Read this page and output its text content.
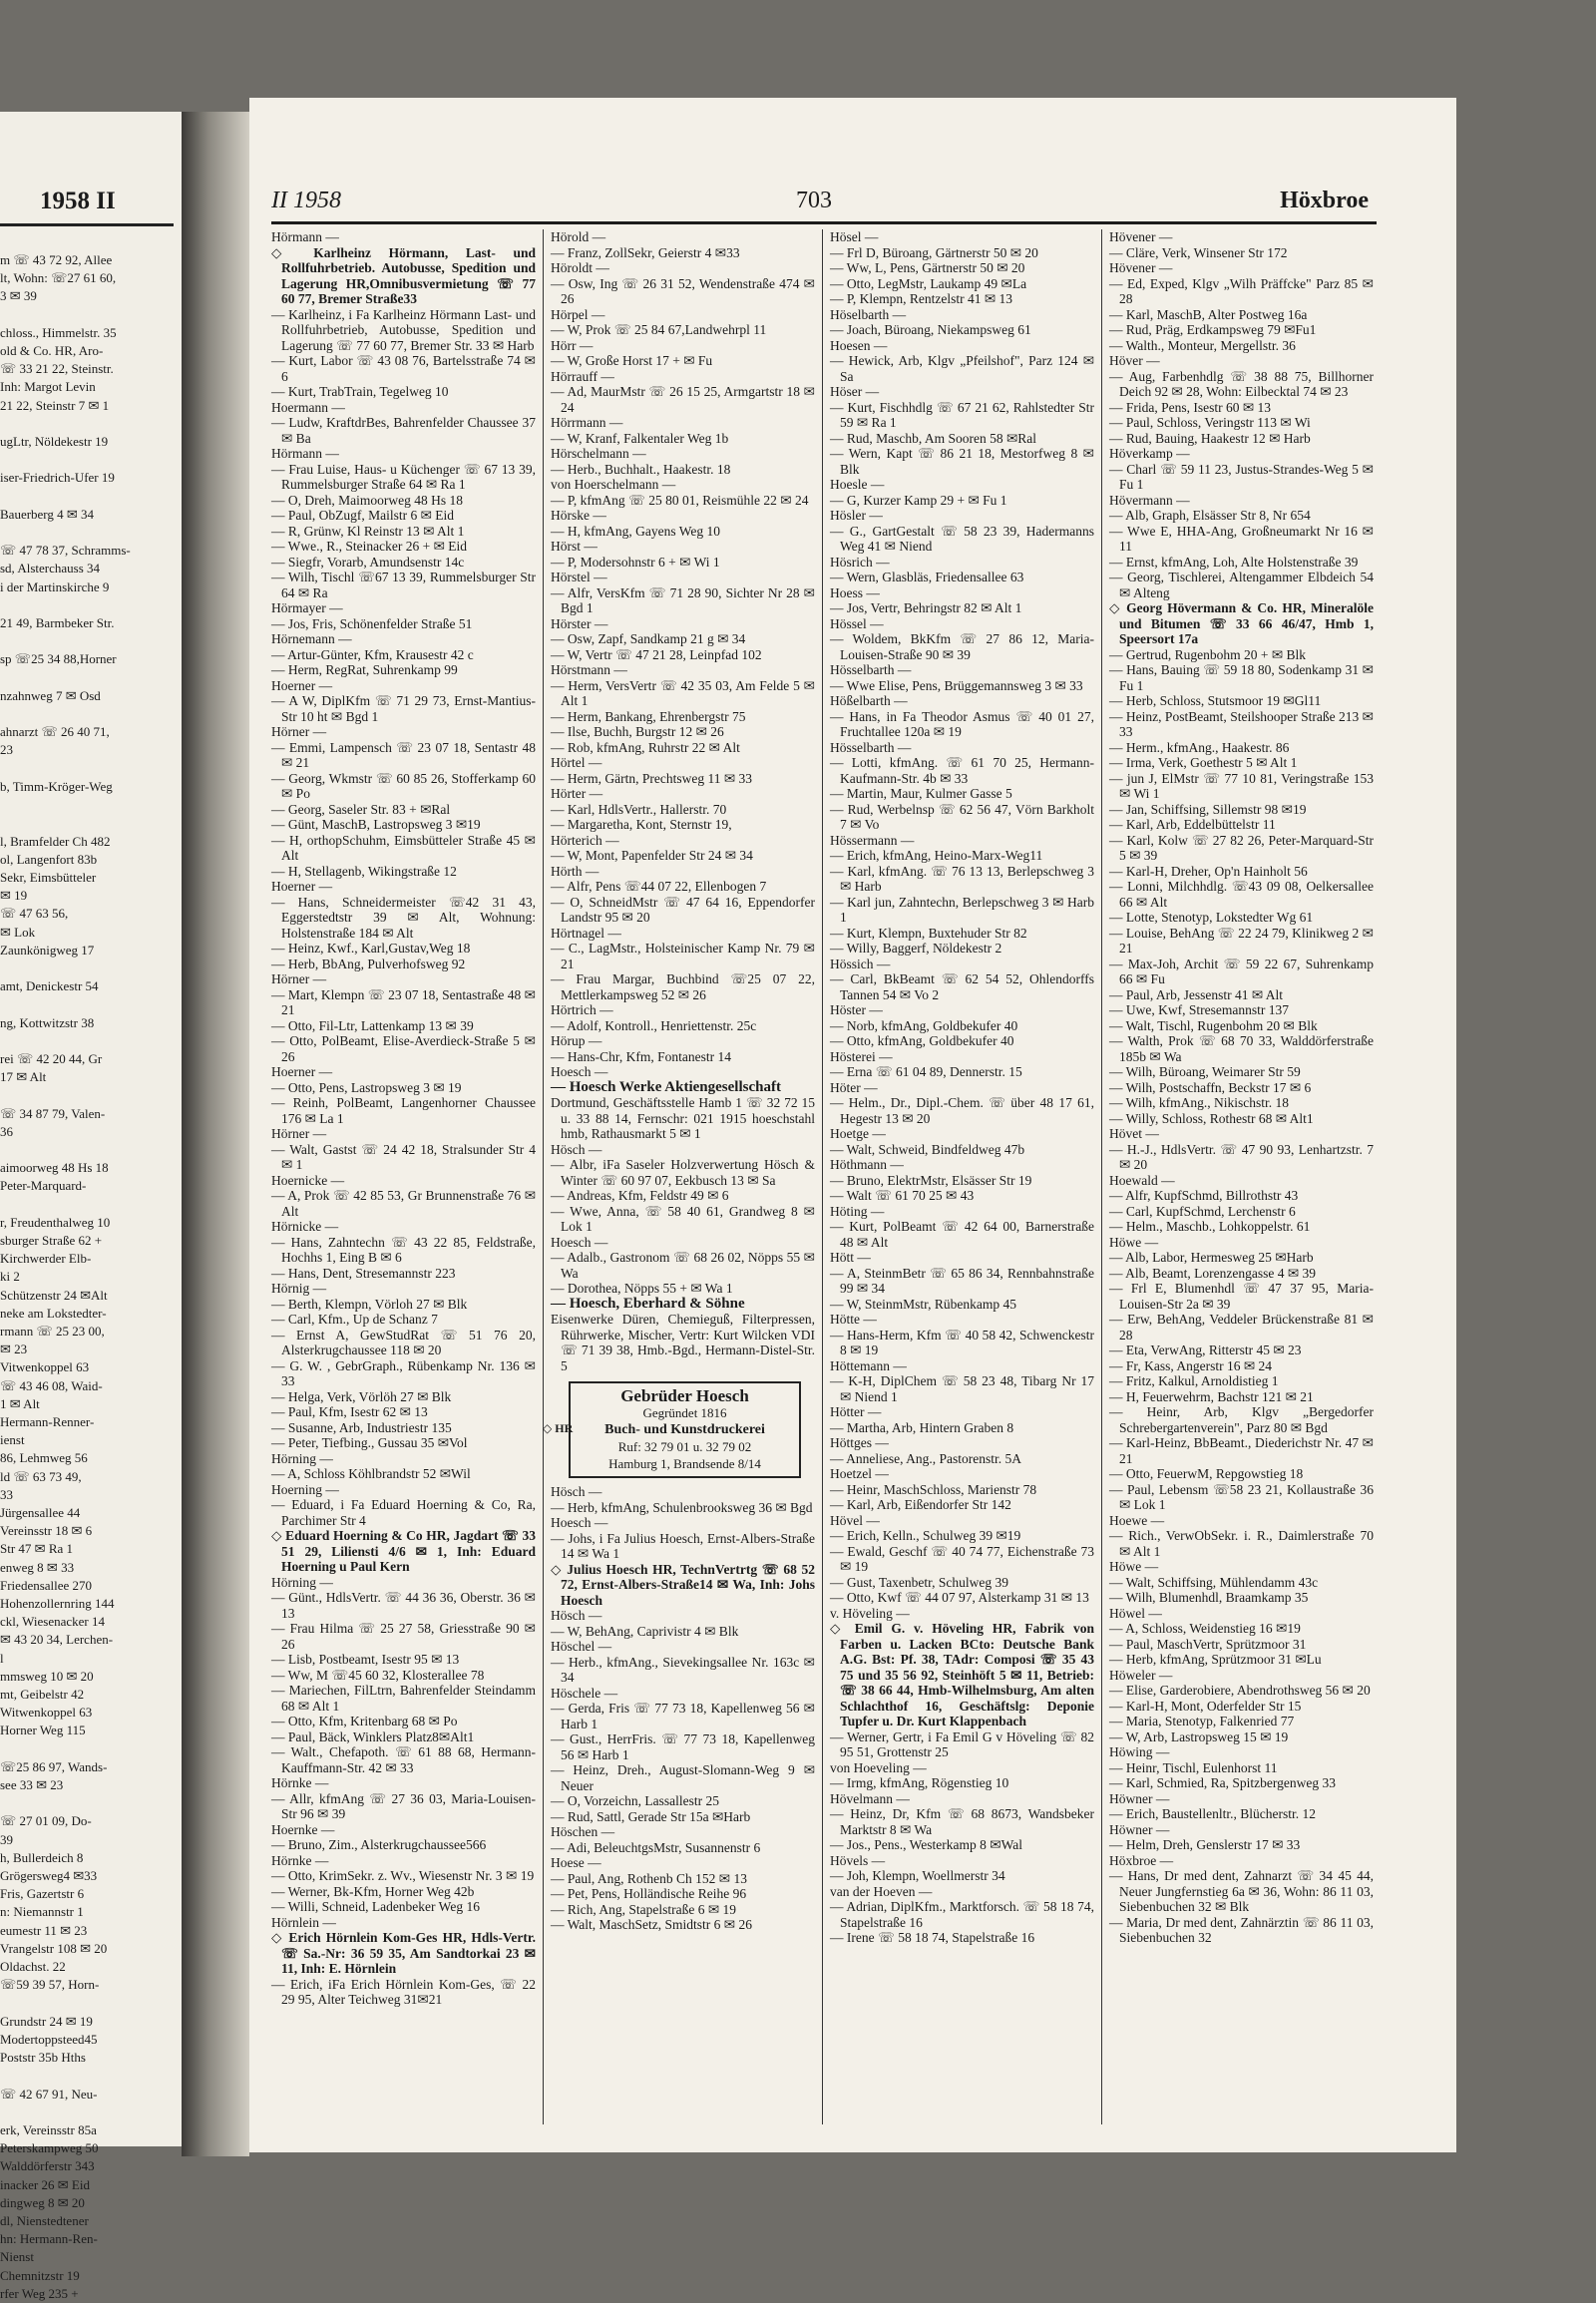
1958 II
m ☏ 43 72 92, Allee
lt, Wohn: ☏27 61 60,
3 ✉ 39

chloss., Himmelstr. 35
old & Co. HR, Aro-
☏ 33 21 22, Steinstr.
Inh: Margot Levin
21 22, Steinstr 7 ✉ 1

ugLtr, Nöldekestr 19

iser-Friedrich-Ufer 19

Bauerberg 4 ✉ 34

☏ 47 78 37, Schramms-
sd, Alsterchauss 34
i der Martinskirche 9

21 49, Barmbeker Str.

sp ☏25 34 88,Horner

nzahnweg 7 ✉ Osd

ahnarzt ☏ 26 40 71,
23

b, Timm-Kröger-Weg

l, Bramfelder Ch 482
ol, Langenfort 83b
Sekr, Eimsbütteler
✉ 19
☏ 47 63 56,
✉ Lok
Zaunkönigweg 17

amt, Denickestr 54

ng, Kottwitzstr 38

rei ☏ 42 20 44, Gr
17 ✉ Alt

☏ 34 87 79, Valen-
36

aimoorweg 48 Hs 18
Peter-Marquard-

r, Freudenthalweg 10
sburger Straße 62 +
Kirchwerder Elb-
ki 2
Schützenstr 24 ✉Alt
neke am Lokstedter-
rmann ☏ 25 23 00,
✉ 23
Vitwenkoppel 63
☏ 43 46 08, Waid-
1 ✉ Alt
Hermann-Renner-
ienst
86, Lehmweg 56
ld ☏ 63 73 49,
33
Jürgensallee 44
Vereinsstr 18 ✉ 6
Str 47 ✉ Ra 1
enweg 8 ✉ 33
Friedensallee 270
Hohenzollernring 144
ckl, Wiesenacker 14
✉ 43 20 34, Lerchen-
l
mmsweg 10 ✉ 20
mt, Geibelstr 42
Witwenkoppel 63
Horner Weg 115

☏25 86 97, Wands-
see 33 ✉ 23

☏ 27 01 09, Do-
39
h, Bullerdeich 8
Grögersweg4 ✉33
Fris, Gazertstr 6
n: Niemannstr 1
eumestr 11 ✉ 23
Vrangelstr 108 ✉ 20
Oldachst. 22
☏59 39 57, Horn-

Grundstr 24 ✉ 19
Modertoppsteed45
Poststr 35b Hths

☏ 42 67 91, Neu-

erk, Vereinsstr 85a
Peterskampweg 50
Walddörferstr 343
inacker 26 ✉ Eid
dingweg 8 ✉ 20
dl, Nienstedtener
hn: Hermann-Ren-
Nienst
Chemnitzstr 19
rfer Weg 235 +
II 1958	703	Höxbroe

Hörmann —

◇ Karlheinz Hörmann, Last- und Rollfuhrbetrieb. Autobusse, Spedition und Lagerung HR,Omnibusvermietung ☏ 77 60 77, Bremer Straße33

— Karlheinz, i Fa Karlheinz Hörmann Last- und Rollfuhrbetrieb, Autobusse, Spedition und Lagerung ☏ 77 60 77, Bremer Str. 33 ✉ Harb

— Kurt, Labor ☏ 43 08 76, Bartelsstraße 74 ✉ 6

— Kurt, TrabTrain, Tegelweg 10

Hoermann —

— Ludw, KraftdrBes, Bahrenfelder Chaussee 37 ✉ Ba

Hörmann —

— Frau Luise, Haus- u Küchenger ☏ 67 13 39, Rummelsburger Straße 64 ✉ Ra 1

— O, Dreh, Maimoorweg 48 Hs 18

— Paul, ObZugf, Mailstr 6 ✉ Eid

— R, Grünw, Kl Reinstr 13 ✉ Alt 1

— Wwe., R., Steinacker 26 + ✉ Eid

— Siegfr, Vorarb, Amundsenstr 14c

— Wilh, Tischl ☏67 13 39, Rummelsburger Str 64 ✉ Ra

Hörmayer —

— Jos, Fris, Schönenfelder Straße 51

Hörnemann —

— Artur-Günter, Kfm, Krausestr 42 c

— Herm, RegRat, Suhrenkamp 99

Hoerner —

— A W, DiplKfm ☏ 71 29 73, Ernst-Mantius-Str 10 ht ✉ Bgd 1

Hörner —

— Emmi, Lampensch ☏ 23 07 18, Sentastr 48 ✉ 21

— Georg, Wkmstr ☏ 60 85 26, Stofferkamp 60 ✉ Po

— Georg, Saseler Str. 83 + ✉Ral

— Günt, MaschB, Lastropsweg 3 ✉19

— H, orthopSchuhm, Eimsbütteler Straße 45 ✉ Alt

— H, Stellagenb, Wikingstraße 12

Hoerner —

— Hans, Schneidermeister ☏42 31 43, Eggerstedtstr 39 ✉ Alt, Wohnung: Holstenstraße 184 ✉ Alt

— Heinz, Kwf., Karl,Gustav,Weg 18

— Herb, BbAng, Pulverhofsweg 92

Hörner —

— Mart, Klempn ☏ 23 07 18, Sentastraße 48 ✉ 21

— Otto, Fil-Ltr, Lattenkamp 13 ✉ 39

— Otto, PolBeamt, Elise-Averdieck-Straße 5 ✉ 26

Hoerner —

— Otto, Pens, Lastropsweg 3 ✉ 19

— Reinh, PolBeamt, Langenhorner Chaussee 176 ✉ La 1

Hörner —

— Walt, Gastst ☏ 24 42 18, Stralsunder Str 4 ✉ 1

Hoernicke —

— A, Prok ☏ 42 85 53, Gr Brunnenstraße 76 ✉ Alt

Hörnicke —

— Hans, Zahntechn ☏ 43 22 85, Feldstraße, Hochhs 1, Eing B ✉ 6

— Hans, Dent, Stresemannstr 223

Hörnig —

— Berth, Klempn, Vörloh 27 ✉ Blk

— Carl, Kfm., Up de Schanz 7

— Ernst A, GewStudRat ☏ 51 76 20, Alsterkrugchaussee 118 ✉ 20

— G. W. , GebrGraph., Rübenkamp Nr. 136 ✉ 33

— Helga, Verk, Vörlöh 27 ✉ Blk

— Paul, Kfm, Isestr 62 ✉ 13

— Susanne, Arb, Industriestr 135

— Peter, Tiefbing., Gussau 35 ✉Vol

Hörning —

— A, Schloss Köhlbrandstr 52 ✉Wil

Hoerning —

— Eduard, i Fa Eduard Hoerning & Co, Ra, Parchimer Str 4

◇ Eduard Hoerning & Co HR, Jagdart ☏ 33 51 29, Liliensti 4/6 ✉ 1, Inh: Eduard Hoerning u Paul Kern

Hörning —

— Günt., HdlsVertr. ☏ 44 36 36, Oberstr. 36 ✉ 13

— Frau Hilma ☏ 25 27 58, Griesstraße 90 ✉ 26

— Lisb, Postbeamt, Isestr 95 ✉ 13

— Ww, M ☏45 60 32, Klosterallee 78

— Mariechen, FilLtrn, Bahrenfelder Steindamm 68 ✉ Alt 1

— Otto, Kfm, Kritenbarg 68 ✉ Po

— Paul, Bäck, Winklers Platz8✉Alt1

— Walt., Chefapoth. ☏ 61 88 68, Hermann-Kauffmann-Str. 42 ✉ 33

Hörnke —

— Allr, kfmAng ☏ 27 36 03, Maria-Louisen-Str 96 ✉ 39

Hoernke —

— Bruno, Zim., Alsterkrugchaussee566

Hörnke —

— Otto, KrimSekr. z. Wv., Wiesenstr Nr. 3 ✉ 19

— Werner, Bk-Kfm, Horner Weg 42b

— Willi, Schneid, Ladenbeker Weg 16

Hörnlein —

◇ Erich Hörnlein Kom-Ges HR, Hdls-Vertr. ☏ Sa.-Nr: 36 59 35, Am Sandtorkai 23 ✉ 11, Inh: E. Hörnlein

— Erich, iFa Erich Hörnlein Kom-Ges, ☏ 22 29 95, Alter Teichweg 31✉21

Hörold —

— Franz, ZollSekr, Geierstr 4 ✉33

Höroldt —

— Osw, Ing ☏ 26 31 52, Wendenstraße 474 ✉ 26

Hörpel —

— W, Prok ☏ 25 84 67,Landwehrpl 11

Hörr —

— W, Große Horst 17 + ✉ Fu

Hörrauff —

— Ad, MaurMstr ☏ 26 15 25, Armgartstr 18 ✉ 24

Hörrmann —

— W, Kranf, Falkentaler Weg 1b

Hörschelmann —

— Herb., Buchhalt., Haakestr. 18

von Hoerschelmann —

— P, kfmAng ☏ 25 80 01, Reismühle 22 ✉ 24

Hörske —

— H, kfmAng, Gayens Weg 10

Hörst —

— P, Modersohnstr 6 + ✉ Wi 1

Hörstel —

— Alfr, VersKfm ☏ 71 28 90, Sichter Nr 28 ✉ Bgd 1

Hörster —

— Osw, Zapf, Sandkamp 21 g ✉ 34

— W, Vertr ☏ 47 21 28, Leinpfad 102

Hörstmann —

— Herm, VersVertr ☏ 42 35 03, Am Felde 5 ✉ Alt 1

— Herm, Bankang, Ehrenbergstr 75

— Ilse, Buchh, Burgstr 12 ✉ 26

— Rob, kfmAng, Ruhrstr 22 ✉ Alt

Hörtel —

— Herm, Gärtn, Prechtsweg 11 ✉ 33

Hörter —

— Karl, HdlsVertr., Hallerstr. 70

— Margaretha, Kont, Sternstr 19,

Hörterich —

— W, Mont, Papenfelder Str 24 ✉ 34

Hörth —

— Alfr, Pens ☏44 07 22, Ellenbogen 7

— O, SchneidMstr ☏ 47 64 16, Eppendorfer Landstr 95 ✉ 20

Hörtnagel —

— C., LagMstr., Holsteinischer Kamp Nr. 79 ✉ 21

— Frau Margar, Buchbind ☏25 07 22, Mettlerkampsweg 52 ✉ 26

Hörtrich —

— Adolf, Kontroll., Henriettenstr. 25c

Hörup —

— Hans-Chr, Kfm, Fontanestr 14

Hoesch —

— Hoesch Werke Aktiengesellschaft

Dortmund, Geschäftsstelle Hamb 1 ☏ 32 72 15 u. 33 88 14, Fernschr: 021 1915 hoeschstahl hmb, Rathausmarkt 5 ✉ 1

Hösch —

— Albr, iFa Saseler Holzverwertung Hösch & Winter ☏ 60 97 07, Eekbusch 13 ✉ Sa

— Andreas, Kfm, Feldstr 49 ✉ 6

— Wwe, Anna, ☏ 58 40 61, Grandweg 8 ✉ Lok 1

Hoesch —

— Adalb., Gastronom ☏ 68 26 02, Nöpps 55 ✉ Wa

— Dorothea, Nöpps 55 + ✉ Wa 1

— Hoesch, Eberhard & Söhne

Eisenwerke Düren, Chemieguß, Filterpressen, Rührwerke, Mischer, Vertr: Kurt Wilcken VDI ☏ 71 39 38, Hmb.-Bgd., Hermann-Distel-Str. 5

◇ HR
Gebrüder Hoesch
Gegründet 1816
Buch- und Kunstdruckerei
Ruf: 32 79 01 u. 32 79 02
Hamburg 1, Brandsende 8/14

Hösch —

— Herb, kfmAng, Schulenbrooksweg 36 ✉ Bgd

Hoesch —

— Johs, i Fa Julius Hoesch, Ernst-Albers-Straße 14 ✉ Wa 1

◇ Julius Hoesch HR, TechnVertrtg ☏ 68 52 72, Ernst-Albers-Straße14 ✉ Wa, Inh: Johs Hoesch

Hösch —

— W, BehAng, Caprivistr 4 ✉ Blk

Höschel —

— Herb., kfmAng., Sievekingsallee Nr. 163c ✉ 34

Höschele —

— Gerda, Fris ☏ 77 73 18, Kapellenweg 56 ✉ Harb 1

— Gust., HerrFris. ☏ 77 73 18, Kapellenweg 56 ✉ Harb 1

— Heinz, Dreh., August-Slomann-Weg 9 ✉ Neuer

— O, Vorzeichn, Lassallestr 25

— Rud, Sattl, Gerade Str 15a ✉Harb

Höschen —

— Adi, BeleuchtgsMstr, Susannenstr 6

Hoese —

— Paul, Ang, Rothenb Ch 152 ✉ 13

— Pet, Pens, Holländische Reihe 96

— Rich, Ang, Stapelstraße 6 ✉ 19

— Walt, MaschSetz, Smidtstr 6 ✉ 26

Hösel —

— Frl D, Büroang, Gärtnerstr 50 ✉ 20

— Ww, L, Pens, Gärtnerstr 50 ✉ 20

— Otto, LegMstr, Laukamp 49 ✉La

— P, Klempn, Rentzelstr 41 ✉ 13

Höselbarth —

— Joach, Büroang, Niekampsweg 61

Hoesen —

— Hewick, Arb, Klgv „Pfeilshof", Parz 124 ✉ Sa

Höser —

— Kurt, Fischhdlg ☏ 67 21 62, Rahlstedter Str 59 ✉ Ra 1

— Rud, Maschb, Am Sooren 58 ✉Ral

— Wern, Kapt ☏ 86 21 18, Mestorfweg 8 ✉ Blk

Hoesle —

— G, Kurzer Kamp 29 + ✉ Fu 1

Hösler —

— G., GartGestalt ☏ 58 23 39, Hadermanns Weg 41 ✉ Niend

Hösrich —

— Wern, Glasbläs, Friedensallee 63

Hoess —

— Jos, Vertr, Behringstr 82 ✉ Alt 1

Hössel —

— Woldem, BkKfm ☏ 27 86 12, Maria-Louisen-Straße 90 ✉ 39

Hösselbarth —

— Wwe Elise, Pens, Brüggemannsweg 3 ✉ 33

Hößelbarth —

— Hans, in Fa Theodor Asmus ☏ 40 01 27, Fruchtallee 120a ✉ 19

Hösselbarth —

— Lotti, kfmAng. ☏ 61 70 25, Hermann-Kaufmann-Str. 4b ✉ 33

— Martin, Maur, Kulmer Gasse 5

— Rud, Werbelnsp ☏ 62 56 47, Vörn Barkholt 7 ✉ Vo

Hössermann —

— Erich, kfmAng, Heino-Marx-Weg11

— Karl, kfmAng. ☏ 76 13 13, Berlepschweg 3 ✉ Harb

— Karl jun, Zahntechn, Berlepschweg 3 ✉ Harb 1

— Kurt, Klempn, Buxtehuder Str 82

— Willy, Baggerf, Nöldekestr 2

Hössich —

— Carl, BkBeamt ☏ 62 54 52, Ohlendorffs Tannen 54 ✉ Vo 2

Höster —

— Norb, kfmAng, Goldbekufer 40

— Otto, kfmAng, Goldbekufer 40

Hösterei —

— Erna ☏ 61 04 89, Dennerstr. 15

Höter —

— Helm., Dr., Dipl.-Chem. ☏ über 48 17 61, Hegestr 13 ✉ 20

Hoetge —

— Walt, Schweid, Bindfeldweg 47b

Höthmann —

— Bruno, ElektrMstr, Elsässer Str 19

— Walt ☏ 61 70 25 ✉ 43

Höting —

— Kurt, PolBeamt ☏ 42 64 00, Barnerstraße 48 ✉ Alt

Hött —

— A, SteinmBetr ☏ 65 86 34, Rennbahnstraße 99 ✉ 34

— W, SteinmMstr, Rübenkamp 45

Hötte —

— Hans-Herm, Kfm ☏ 40 58 42, Schwenckestr 8 ✉ 19

Höttemann —

— K-H, DiplChem ☏ 58 23 48, Tibarg Nr 17 ✉ Niend 1

Hötter —

— Martha, Arb, Hintern Graben 8

Höttges —

— Anneliese, Ang., Pastorenstr. 5A

Hoetzel —

— Heinr, MaschSchloss, Marienstr 78

— Karl, Arb, Eißendorfer Str 142

Hövel —

— Erich, Kelln., Schulweg 39 ✉19

— Ewald, Geschf ☏ 40 74 77, Eichenstraße 73 ✉ 19

— Gust, Taxenbetr, Schulweg 39

— Otto, Kwf ☏ 44 07 97, Alsterkamp 31 ✉ 13

v. Höveling —

◇ Emil G. v. Höveling HR, Fabrik von Farben u. Lacken BCto: Deutsche Bank A.G. Bst: Pf. 38, TAdr: Composi ☏ 35 43 75 und 35 56 92, Steinhöft 5 ✉ 11, Betrieb: ☏ 38 66 44, Hmb-Wilhelmsburg, Am alten Schlachthof 16, Geschäftslg: Deponie Tupfer u. Dr. Kurt Klappenbach

— Werner, Gertr, i Fa Emil G v Höveling ☏ 82 95 51, Grottenstr 25

von Hoeveling —

— Irmg, kfmAng, Rögenstieg 10

Hövelmann —

— Heinz, Dr, Kfm ☏ 68 8673, Wandsbeker Marktstr 8 ✉ Wa

— Jos., Pens., Westerkamp 8 ✉Wal

Hövels —

— Joh, Klempn, Woellmerstr 34

van der Hoeven —

— Adrian, DiplKfm., Marktforsch. ☏ 58 18 74, Stapelstraße 16

— Irene ☏ 58 18 74, Stapelstraße 16

Hövener —

— Cläre, Verk, Winsener Str 172

Hövener —

— Ed, Exped, Klgv „Wilh Präffcke" Parz 85 ✉ 28

— Karl, MaschB, Alter Postweg 16a

— Rud, Präg, Erdkampsweg 79 ✉Fu1

— Walth., Monteur, Mergellstr. 36

Höver —

— Aug, Farbenhdlg ☏ 38 88 75, Billhorner Deich 92 ✉ 28, Wohn: Eilbecktal 74 ✉ 23

— Frida, Pens, Isestr 60 ✉ 13

— Paul, Schloss, Veringstr 113 ✉ Wi

— Rud, Bauing, Haakestr 12 ✉ Harb

Höverkamp —

— Charl ☏ 59 11 23, Justus-Strandes-Weg 5 ✉ Fu 1

Hövermann —

— Alb, Graph, Elsässer Str 8, Nr 654

— Wwe E, HHA-Ang, Großneumarkt Nr 16 ✉ 11

— Ernst, kfmAng, Loh, Alte Holstenstraße 39

— Georg, Tischlerei, Altengammer Elbdeich 54 ✉ Alteng

◇ Georg Hövermann & Co. HR, Mineralöle und Bitumen ☏ 33 66 46/47, Hmb 1, Speersort 17a

— Gertrud, Rugenbohm 20 + ✉ Blk

— Hans, Bauing ☏ 59 18 80, Sodenkamp 31 ✉ Fu 1

— Herb, Schloss, Stutsmoor 19 ✉Gl11

— Heinz, PostBeamt, Steilshooper Straße 213 ✉ 33

— Herm., kfmAng., Haakestr. 86

— Irma, Verk, Goethestr 5 ✉ Alt 1

— jun J, ElMstr ☏ 77 10 81, Veringstraße 153 ✉ Wi 1

— Jan, Schiffsing, Sillemstr 98 ✉19

— Karl, Arb, Eddelbüttelstr 11

— Karl, Kolw ☏ 27 82 26, Peter-Marquard-Str 5 ✉ 39

— Karl-H, Dreher, Op'n Hainholt 56

— Lonni, Milchhdlg. ☏43 09 08, Oelkersallee 66 ✉ Alt

— Lotte, Stenotyp, Lokstedter Wg 61

— Louise, BehAng ☏ 22 24 79, Klinikweg 2 ✉ 21

— Max-Joh, Archit ☏ 59 22 67, Suhrenkamp 66 ✉ Fu

— Paul, Arb, Jessenstr 41 ✉ Alt

— Uwe, Kwf, Stresemannstr 137

— Walt, Tischl, Rugenbohm 20 ✉ Blk

— Walth, Prok ☏ 68 70 33, Walddörferstraße 185b ✉ Wa

— Wilh, Büroang, Weimarer Str 59

— Wilh, Postschaffn, Beckstr 17 ✉ 6

— Wilh, kfmAng., Nikischstr. 18

— Willy, Schloss, Rothestr 68 ✉ Alt1

Hövet —

— H.-J., HdlsVertr. ☏ 47 90 93, Lenhartzstr. 7 ✉ 20

Hoewald —

— Alfr, KupfSchmd, Billrothstr 43

— Carl, KupfSchmd, Lerchenstr 6

— Helm., Maschb., Lohkoppelstr. 61

Höwe —

— Alb, Labor, Hermesweg 25 ✉Harb

— Alb, Beamt, Lorenzengasse 4 ✉ 39

— Frl E, Blumenhdl ☏ 47 37 95, Maria-Louisen-Str 2a ✉ 39

— Erw, BehAng, Veddeler Brückenstraße 81 ✉ 28

— Eta, VerwAng, Ritterstr 45 ✉ 23

— Fr, Kass, Angerstr 16 ✉ 24

— Fritz, Kalkul, Arnoldistieg 1

— H, Feuerwehrm, Bachstr 121 ✉ 21

— Heinr, Arb, Klgv „Bergedorfer Schrebergartenverein", Parz 80 ✉ Bgd

— Karl-Heinz, BbBeamt., Diederichstr Nr. 47 ✉ 21

— Otto, FeuerwM, Repgowstieg 18

— Paul, Lebensm ☏58 23 21, Kollaustraße 36 ✉ Lok 1

Hoewe —

— Rich., VerwObSekr. i. R., Daimlerstraße 70 ✉ Alt 1

Höwe —

— Walt, Schiffsing, Mühlendamm 43c

— Wilh, Blumenhdl, Braamkamp 35

Höwel —

— A, Schloss, Weidenstieg 16 ✉19

— Paul, MaschVertr, Sprützmoor 31

— Herb, kfmAng, Sprützmoor 31 ✉Lu

Höweler —

— Elise, Garderobiere, Abendrothsweg 56 ✉ 20

— Karl-H, Mont, Oderfelder Str 15

— Maria, Stenotyp, Falkenried 77

— W, Arb, Lastropsweg 15 ✉ 19

Höwing —

— Heinr, Tischl, Eulenhorst 11

— Karl, Schmied, Ra, Spitzbergenweg 33

Höwner —

— Erich, Baustellenltr., Blücherstr. 12

Höwner —

— Helm, Dreh, Genslerstr 17 ✉ 33

Höxbroe —

— Hans, Dr med dent, Zahnarzt ☏ 34 45 44, Neuer Jungfernstieg 6a ✉ 36, Wohn: 86 11 03, Siebenbuchen 32 ✉ Blk

— Maria, Dr med dent, Zahnärztin ☏ 86 11 03, Siebenbuchen 32
